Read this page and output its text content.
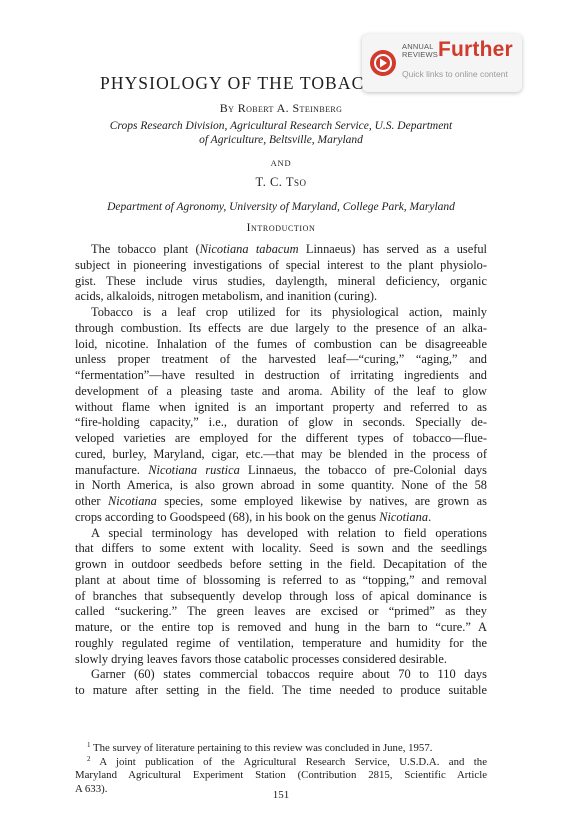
ANNUAL
REVIEWS Further
Quick links to online content
PHYSIOLOGY OF THE TOBAC
By Robert A. Steinberg
Crops Research Division, Agricultural Research Service, U.S. Department
of Agriculture, Beltsville, Maryland
AND
T. C. Tso
Department of Agronomy, University of Maryland, College Park, Maryland
Introduction
The tobacco plant (Nicotiana tabacum Linnaeus) has served as a useful
subject in pioneering investigations of special interest to the plant physiolo-
gist. These include virus studies, daylength, mineral deficiency, organic
acids, alkaloids, nitrogen metabolism, and inanition (curing).
Tobacco is a leaf crop utilized for its physiological action, mainly
through combustion. Its effects are due largely to the presence of an alka-
loid, nicotine. Inhalation of the fumes of combustion can be disagreeable
unless proper treatment of the harvested leaf—“curing,” “aging,” and
“fermentation”—have resulted in destruction of irritating ingredients and
development of a pleasing taste and aroma. Ability of the leaf to glow
without flame when ignited is an important property and referred to as
“fire-holding capacity,” i.e., duration of glow in seconds. Specially de-
veloped varieties are employed for the different types of tobacco—flue-
cured, burley, Maryland, cigar, etc.—that may be blended in the process of
manufacture. Nicotiana rustica Linnaeus, the tobacco of pre-Colonial days
in North America, is also grown abroad in some quantity. None of the 58
other Nicotiana species, some employed likewise by natives, are grown as
crops according to Goodspeed (68), in his book on the genus Nicotiana.
A special terminology has developed with relation to field operations
that differs to some extent with locality. Seed is sown and the seedlings
grown in outdoor seedbeds before setting in the field. Decapitation of the
plant at about time of blossoming is referred to as “topping,” and removal
of branches that subsequently develop through loss of apical dominance is
called “suckering.” The green leaves are excised or “primed” as they
mature, or the entire top is removed and hung in the barn to “cure.” A
roughly regulated regime of ventilation, temperature and humidity for the
slowly drying leaves favors those catabolic processes considered desirable.
Garner (60) states commercial tobaccos require about 70 to 110 days
to mature after setting in the field. The time needed to produce suitable
$^1$ The survey of literature pertaining to this review was concluded in June, 1957.
$^2$ A joint publication of the Agricultural Research Service, U.S.D.A. and the
Maryland Agricultural Experiment Station (Contribution 2815, Scientific Article
A 633).
151
